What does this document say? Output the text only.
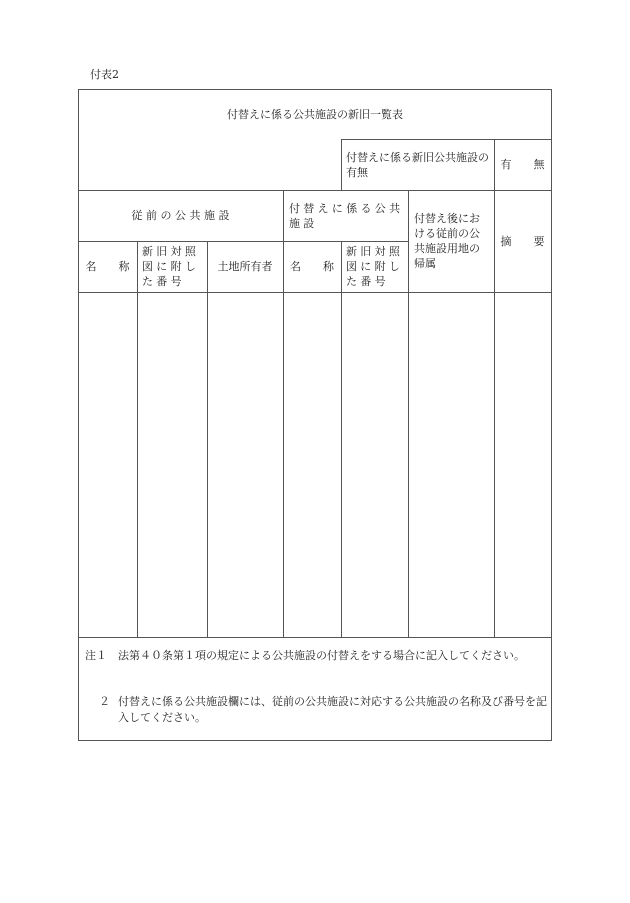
付表2
付替えに係る公共施設の新旧一覧表
付替えに係る新旧公共施設の有無
有　　無
従 前 の 公 共 施 設
付替えに係る公共施設	付替え後における従前の公共施設用地の帰属
摘　　要
名　　称
新旧対照図に附した番号
土地所有者	名　　称
新旧対照図に附した番号
注１ 法第４０条第１項の規定による公共施設の付替えをする場合に記入してください。
２ 付替えに係る公共施設欄には、従前の公共施設に対応する公共施設の名称及び番号を記入してください。
